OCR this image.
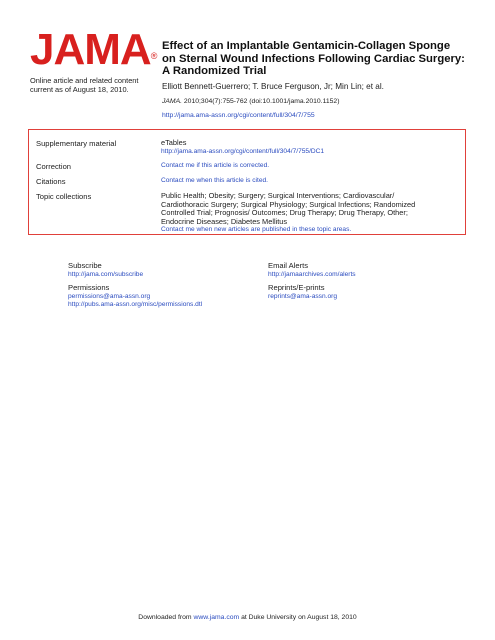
JAMA®
Online article and related content current as of August 18, 2010.
Effect of an Implantable Gentamicin-Collagen Sponge
on Sternal Wound Infections Following Cardiac Surgery:
A Randomized Trial
Elliott Bennett-Guerrero; T. Bruce Ferguson, Jr; Min Lin; et al.
JAMA. 2010;304(7):755-762 (doi:10.1001/jama.2010.1152)
http://jama.ama-assn.org/cgi/content/full/304/7/755
Supplementary material	eTables
http://jama.ama-assn.org/cgi/content/full/304/7/755/DC1
Correction	Contact me if this article is corrected.
Citations	Contact me when this article is cited.
Topic collections	Public Health; Obesity; Surgery; Surgical Interventions; Cardiovascular/
Cardiothoracic Surgery; Surgical Physiology; Surgical Infections; Randomized
Controlled Trial; Prognosis/ Outcomes; Drug Therapy; Drug Therapy, Other;
Endocrine Diseases; Diabetes Mellitus
Contact me when new articles are published in these topic areas.
Subscribe
http://jama.com/subscribe
Email Alerts
http://jamaarchives.com/alerts
Permissions
permissions@ama-assn.org
http://pubs.ama-assn.org/misc/permissions.dtl
Reprints/E-prints
reprints@ama-assn.org
Downloaded from www.jama.com at Duke University on August 18, 2010
